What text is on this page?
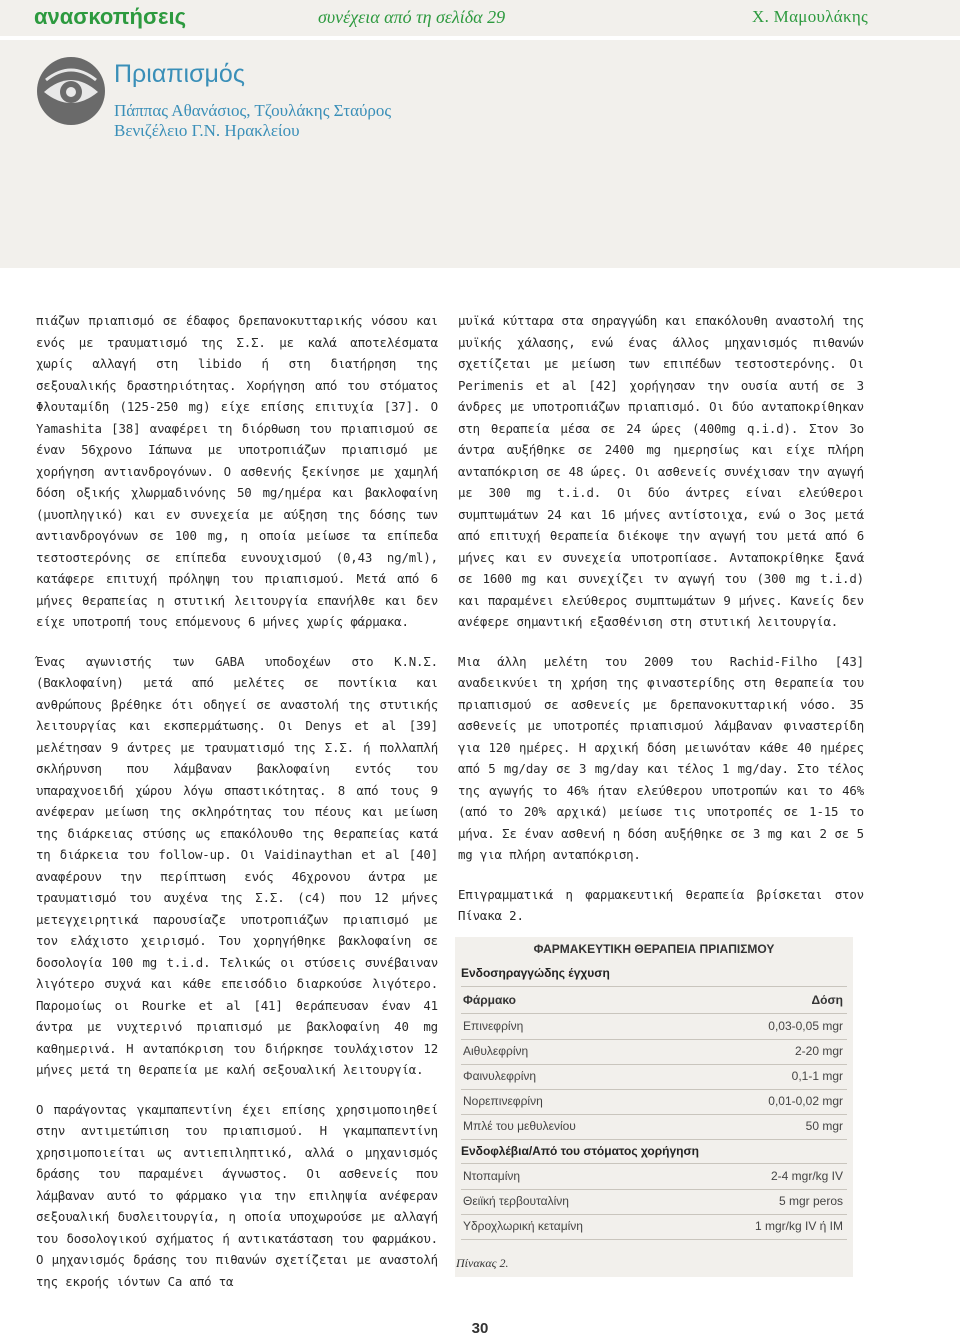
ανασκοπήσεις	συνέχεια από τη σελίδα 29	Χ. Μαμουλάκης
Πριαπισμός
Πάππας Αθανάσιος, Τζουλάκης Σταύρος
Βενιζέλειο Γ.Ν. Ηρακλείου

πιάζων πριαπισμό σε έδαφος δρεπανοκυτταρικής νόσου και ενός με τραυματισμό της Σ.Σ. με καλά αποτελέσματα χωρίς αλλαγή στη libido ή στη διατήρηση της σεξουαλικής δραστηριότητας. Χορήγηση από του στόματος Φλουταμίδη (125-250 mg) είχε επίσης επιτυχία [37]. Ο Yamashita [38] αναφέρει τη διόρθωση του πριαπισμού σε έναν 56χρονο Ιάπωνα με υποτροπιάζων πριαπισμό με χορήγηση αντιανδρογόνων. Ο ασθενής ξεκίνησε με χαμηλή δόση οξικής χλωρμαδινόνης 50 mg/ημέρα και βακλοφαίνη (μυοπληγικό) και εν συνεχεία με αύξηση της δόσης των αντιανδρογόνων σε 100 mg, η οποία μείωσε τα επίπεδα τεστοστερόνης σε επίπεδα ευνουχισμού (0,43 ng/ml), κατάφερε επιτυχή πρόληψη του πριαπισμού. Μετά από 6 μήνες θεραπείας η στυτική λειτουργία επανήλθε και δεν είχε υποτροπή τους επόμενους 6 μήνες χωρίς φάρμακα.

Ένας αγωνιστής των GABA υποδοχέων στο Κ.Ν.Σ. (Βακλοφαίνη) μετά από μελέτες σε ποντίκια και ανθρώπους βρέθηκε ότι οδηγεί σε αναστολή της στυτικής λειτουργίας και εκσπερμάτωσης. Οι Denys et al [39] μελέτησαν 9 άντρες με τραυματισμό της Σ.Σ. ή πολλαπλή σκλήρυνση που λάμβαναν βακλοφαίνη εντός του υπαραχνοειδή χώρου λόγω σπαστικότητας. 8 από τους 9 ανέφεραν μείωση της σκληρότητας του πέους και μείωση της διάρκειας στύσης ως επακόλουθο της θεραπείας κατά τη διάρκεια του follow-up. Οι Vaidinaythan et al [40] αναφέρουν την περίπτωση ενός 46χρονου άντρα με τραυματισμό του αυχένα της Σ.Σ. (c4) που 12 μήνες μετεγχειρητικά παρουσίαζε υποτροπιάζων πριαπισμό με τον ελάχιστο χειρισμό. Του χορηγήθηκε βακλοφαίνη σε δοσολογία 100 mg t.i.d. Τελικώς οι στύσεις συνέβαιναν λιγότερο συχνά και κάθε επεισόδιο διαρκούσε λιγότερο. Παρομοίως οι Rourke et al [41] θεράπευσαν έναν 41 άντρα με νυχτερινό πριαπισμό με βακλοφαίνη 40 mg καθημερινά. Η ανταπόκριση του διήρκησε τουλάχιστον 12 μήνες μετά τη θεραπεία με καλή σεξουαλική λειτουργία.

Ο παράγοντας γκαμπαπεντίνη έχει επίσης χρησιμοποιηθεί στην αντιμετώπιση του πριαπισμού. Η γκαμπαπεντίνη χρησιμοποιείται ως αντιεπιληπτικό, αλλά ο μηχανισμός δράσης του παραμένει άγνωστος. Οι ασθενείς που λάμβαναν αυτό το φάρμακο για την επιληψία ανέφεραν σεξουαλική δυσλειτουργία, η οποία υποχωρούσε με αλλαγή του δοσολογικού σχήματος ή αντικατάσταση του φαρμάκου. Ο μηχανισμός δράσης του πιθανών σχετίζεται με αναστολή της εκροής ιόντων Ca από τα

μυϊκά κύτταρα στα σηραγγώδη και επακόλουθη αναστολή της μυϊκής χάλασης, ενώ ένας άλλος μηχανισμός πιθανών σχετίζεται με μείωση των επιπέδων τεστοστερόνης. Οι Perimenis et al [42] χορήγησαν την ουσία αυτή σε 3 άνδρες με υποτροπιάζων πριαπισμό. Οι δύο ανταποκρίθηκαν στη θεραπεία μέσα σε 24 ώρες (400mg q.i.d). Στον 3ο άντρα αυξήθηκε σε 2400 mg ημερησίως και είχε πλήρη ανταπόκριση σε 48 ώρες. Οι ασθενείς συνέχισαν την αγωγή με 300 mg t.i.d. Οι δύο άντρες είναι ελεύθεροι συμπτωμάτων 24 και 16 μήνες αντίστοιχα, ενώ ο 3ος μετά από επιτυχή θεραπεία διέκοψε την αγωγή του μετά από 6 μήνες και εν συνεχεία υποτροπίασε. Ανταποκρίθηκε ξανά σε 1600 mg και συνεχίζει τν αγωγή του (300 mg t.i.d) και παραμένει ελεύθερος συμπτωμάτων 9 μήνες. Κανείς δεν ανέφερε σημαντική εξασθένιση στη στυτική λειτουργία.

Μια άλλη μελέτη του 2009 του Rachid-Filho [43] αναδεικνύει τη χρήση της φιναστερίδης στη θεραπεία του πριαπισμού σε ασθενείς με δρεπανοκυτταρική νόσο. 35 ασθενείς με υποτροπές πριαπισμού λάμβαναν φιναστερίδη για 120 ημέρες. Η αρχική δόση μειωνόταν κάθε 40 ημέρες από 5 mg/day σε 3 mg/day και τέλος 1 mg/day. Στο τέλος της αγωγής το 46% ήταν ελεύθερου υποτροπών και το 46% (από το 20% αρχικά) μείωσε τις υποτροπές σε 1-15 το μήνα. Σε έναν ασθενή η δόση αυξήθηκε σε 3 mg και 2 σε 5 mg για πλήρη ανταπόκριση.

Επιγραμματικά η φαρμακευτική θεραπεία βρίσκεται στον Πίνακα 2.

ΦΑΡΜΑΚΕΥΤΙΚΗ ΘΕΡΑΠΕΙΑ ΠΡΙΑΠΙΣΜΟΥ
Ενδοσηραγγώδης έγχυση
Φάρμακο	Δόση
Επινεφρίνη	0,03-0,05 mgr
Αιθυλεφρίνη	2-20 mgr
Φαινυλεφρίνη	0,1-1 mgr
Νορεπινεφρίνη	0,01-0,02 mgr
Μπλέ του μεθυλενίου	50 mgr
Ενδοφλέβια/Από του στόματος χορήγηση
Ντοπαμίνη	2-4 mgr/kg IV
Θειϊκή τερβουταλίνη	5 mgr peros
Υδροχλωρική κεταμίνη	1 mgr/kg IV ή IM
Πίνακας 2.
30
